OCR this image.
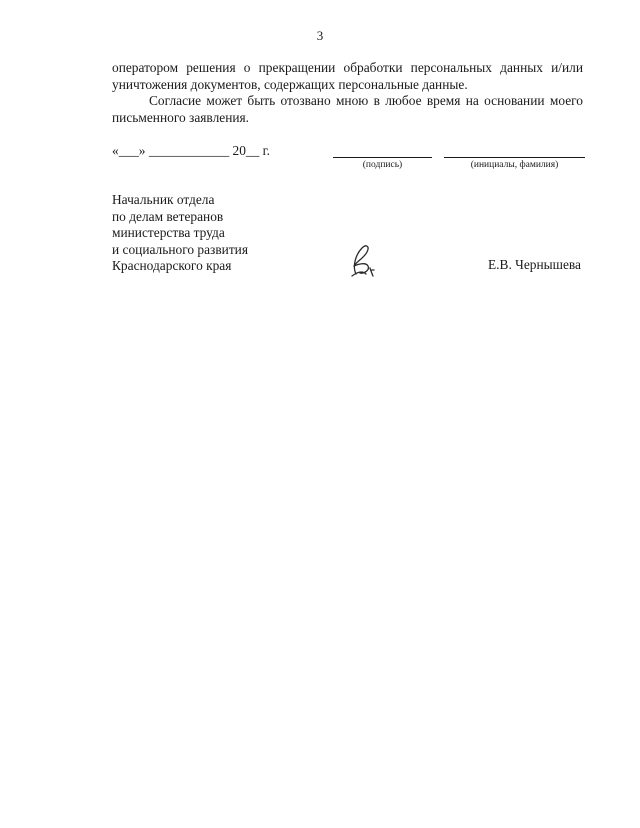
3

оператором решения о прекращении обработки персональных данных и/или уничтожения документов, содержащих персональные данные.

Согласие может быть отозвано мною в любое время на основании моего письменного заявления.

«___» ____________ 20__ г.
(подпись)	(инициалы, фамилия)
Начальник отдела
по делам ветеранов
министерства труда
и социального развития
Краснодарского края	Е.В. Чернышева
